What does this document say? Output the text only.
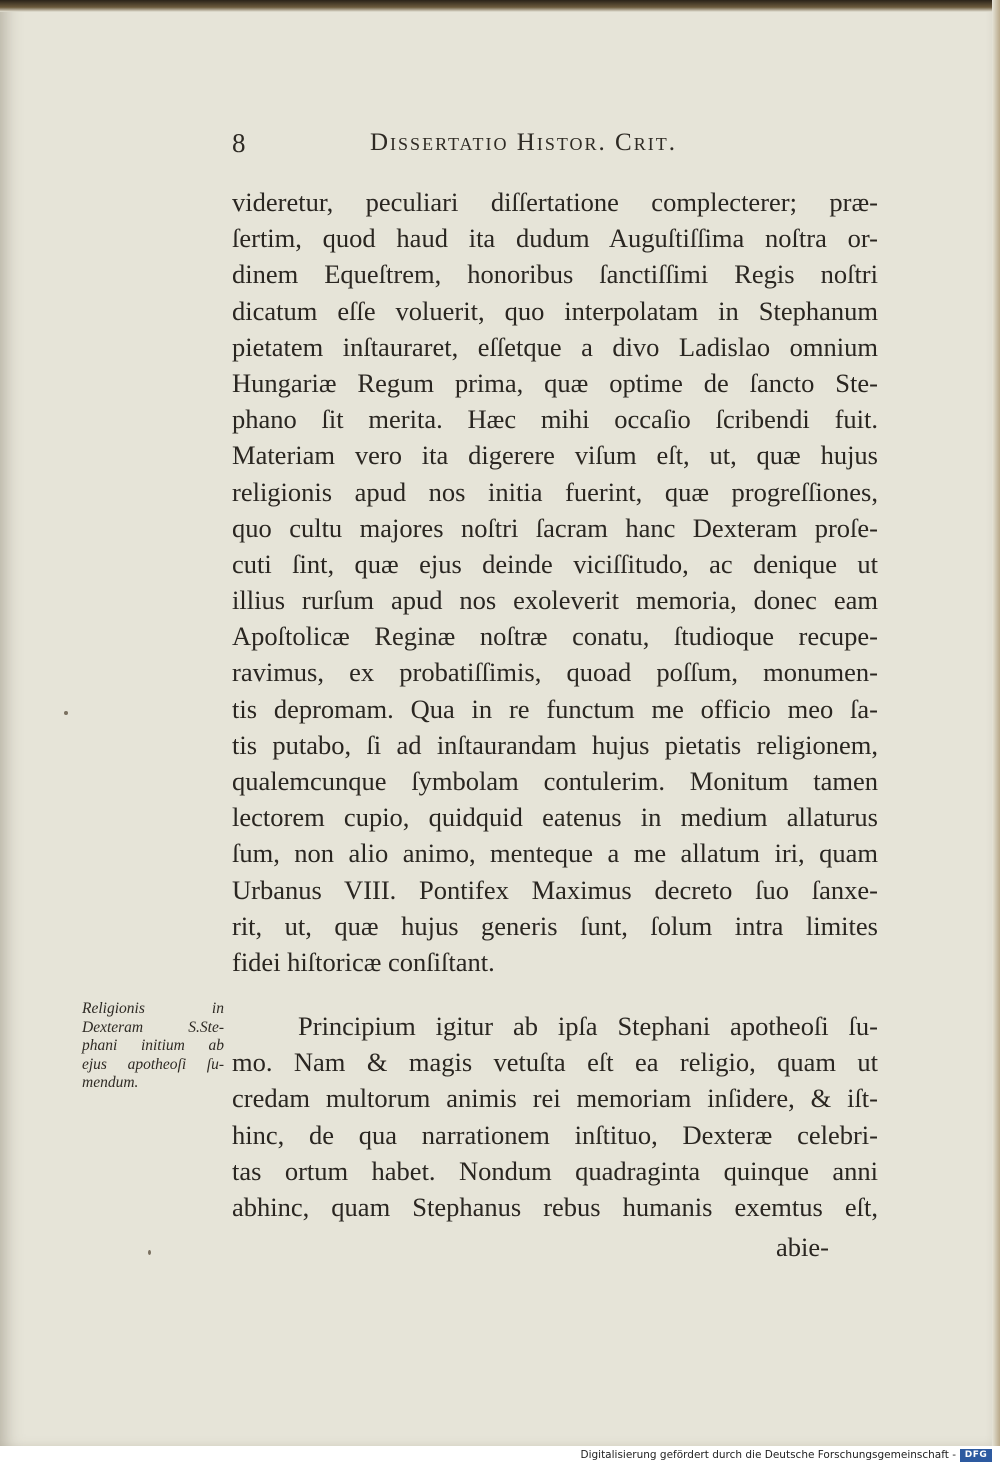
8	Dissertatio Histor. Crit.
videretur, peculiari diſſertatione complecterer; præ-
ſertim, quod haud ita dudum Auguſtiſſima noſtra or-
dinem Equeſtrem, honoribus ſanctiſſimi Regis noſtri
dicatum eſſe voluerit, quo interpolatam in Stephanum
pietatem inſtauraret, eſſetque a divo Ladislao omnium
Hungariæ Regum prima, quæ optime de ſancto Ste-
phano ſit merita. Hæc mihi occaſio ſcribendi fuit.
Materiam vero ita digerere viſum eſt, ut, quæ hujus
religionis apud nos initia fuerint, quæ progreſſiones,
quo cultu majores noſtri ſacram hanc Dexteram proſe-
cuti ſint, quæ ejus deinde viciſſitudo, ac denique ut
illius rurſum apud nos exoleverit memoria, donec eam
Apoſtolicæ Reginæ noſtræ conatu, ſtudioque recupe-
ravimus, ex probatiſſimis, quoad poſſum, monumen-
tis depromam. Qua in re functum me officio meo ſa-
tis putabo, ſi ad inſtaurandam hujus pietatis religionem,
qualemcunque ſymbolam contulerim. Monitum tamen
lectorem cupio, quidquid eatenus in medium allaturus
ſum, non alio animo, menteque a me allatum iri, quam
Urbanus VIII. Pontifex Maximus decreto ſuo ſanxe-
rit, ut, quæ hujus generis ſunt, ſolum intra limites
fidei hiſtoricæ conſiſtant.
Religionis in
Dexteram S.Ste-
phani initium ab
ejus apotheoſi ſu-
mendum.
Principium igitur ab ipſa Stephani apotheoſi ſu-
mo. Nam & magis vetuſta eſt ea religio, quam ut
credam multorum animis rei memoriam inſidere, & iſt-
hinc, de qua narrationem inſtituo, Dexteræ celebri-
tas ortum habet. Nondum quadraginta quinque anni
abhinc, quam Stephanus rebus humanis exemtus eſt,
abie-
Digitalisierung gefördert durch die Deutsche Forschungsgemeinschaft - DFG
